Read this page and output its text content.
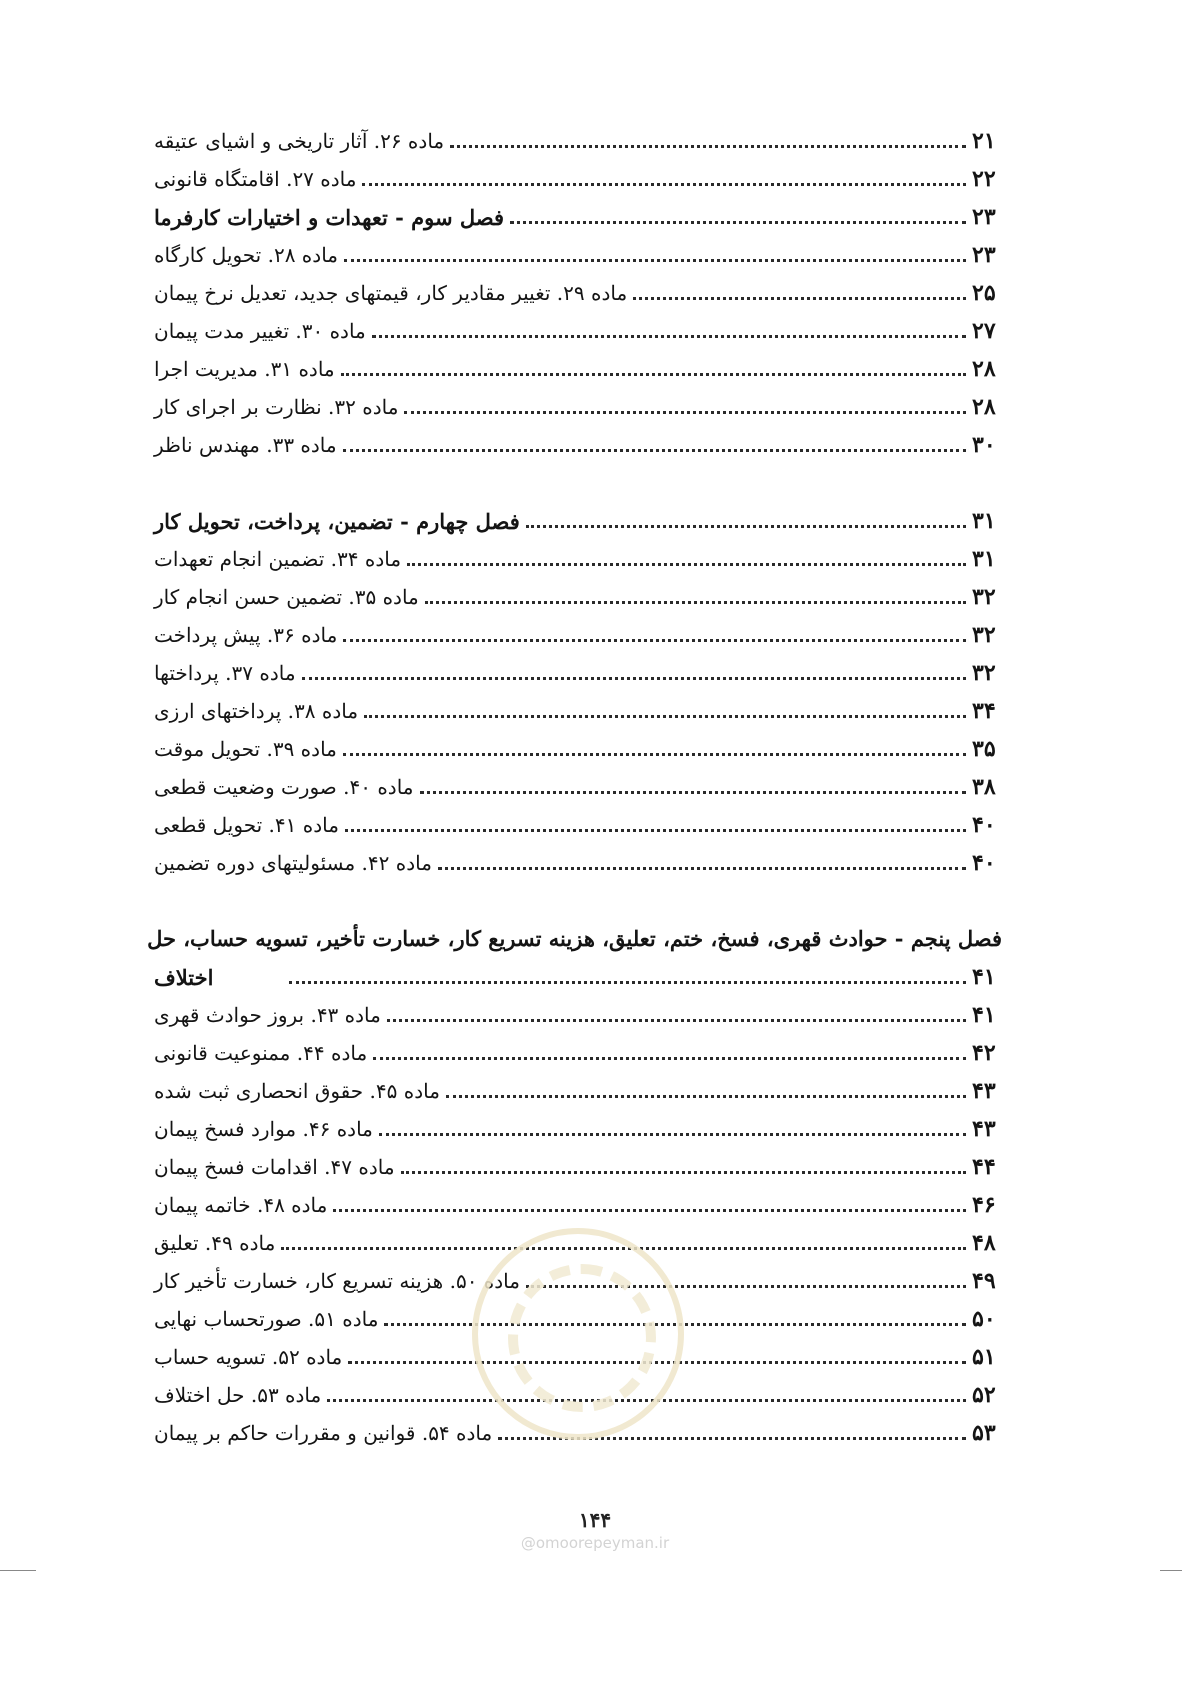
ماده ۲۶. آثار تاریخی و اشیای عتیقه	۲۱
ماده ۲۷. اقامتگاه قانونی	۲۲
فصل سوم - تعهدات و اختیارات کارفرما	۲۳
ماده ۲۸. تحویل کارگاه	۲۳
ماده ۲۹. تغییر مقادیر کار، قیمتهای جدید، تعدیل نرخ پیمان	۲۵
ماده ۳۰. تغییر مدت پیمان	۲۷
ماده ۳۱. مدیریت اجرا	۲۸
ماده ۳۲. نظارت بر اجرای کار	۲۸
ماده ۳۳. مهندس ناظر	۳۰
فصل چهارم - تضمین، پرداخت، تحویل کار	۳۱
ماده ۳۴. تضمین انجام تعهدات	۳۱
ماده ۳۵. تضمین حسن انجام کار	۳۲
ماده ۳۶. پیش پرداخت	۳۲
ماده ۳۷. پرداختها	۳۲
ماده ۳۸. پرداختهای ارزی	۳۴
ماده ۳۹. تحویل موقت	۳۵
ماده ۴۰. صورت وضعیت قطعی	۳۸
ماده ۴۱. تحویل قطعی	۴۰
ماده ۴۲. مسئولیتهای دوره تضمین	۴۰
فصل پنجم - حوادث قهری، فسخ، ختم، تعلیق، هزینه تسریع کار، خسارت تأخیر، تسویه حساب، حل
اختلاف	۴۱
ماده ۴۳. بروز حوادث قهری	۴۱
ماده ۴۴. ممنوعیت قانونی	۴۲
ماده ۴۵. حقوق انحصاری ثبت شده	۴۳
ماده ۴۶. موارد فسخ پیمان	۴۳
ماده ۴۷. اقدامات فسخ پیمان	۴۴
ماده ۴۸. خاتمه پیمان	۴۶
ماده ۴۹. تعلیق	۴۸
ماده ۵۰. هزینه تسریع کار، خسارت تأخیر کار	۴۹
ماده ۵۱. صورتحساب نهایی	۵۰
ماده ۵۲. تسویه حساب	۵۱
ماده ۵۳. حل اختلاف	۵۲
ماده ۵۴. قوانین و مقررات حاکم بر پیمان	۵۳
۱۴۴
@omoorepeyman.ir
